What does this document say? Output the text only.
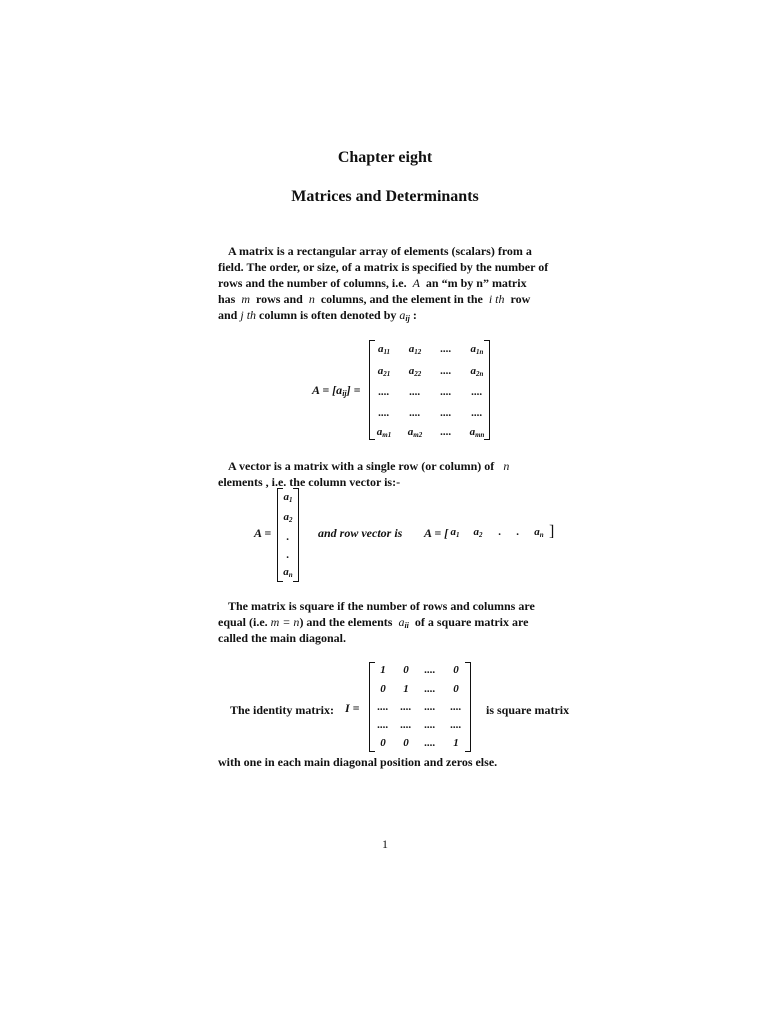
Chapter eight
Matrices and Determinants

A matrix is a rectangular array of elements (scalars) from a

field. The order, or size, of a matrix is specified by the number of

rows and the number of columns, i.e. A an “m by n” matrix

has m rows and n columns, and the element in the i th row

and j th column is often denoted by $a_{ij}$ :

$A = [a_{ij}]$ =
a11	a12	....	a1n
a21	a22	....	a2n
....	....	....	....
....	....	....	....
am1	am2	....	amn

A vector is a matrix with a single row (or column) of n

elements , i.e. the column vector is:-

A =
a1
a2
.
.
an
and row vector is A = [ a1	a2	.	.	an ]

The matrix is square if the number of rows and columns are

equal (i.e. m = n) and the elements $a_{ii}$ of a square matrix are

called the main diagonal.

The identity matrix: I =
1	0	....	0
0	1	....	0
....	....	....	....
....	....	....	....
0	0	....	1
is square matrix

with one in each main diagonal position and zeros else.

1
